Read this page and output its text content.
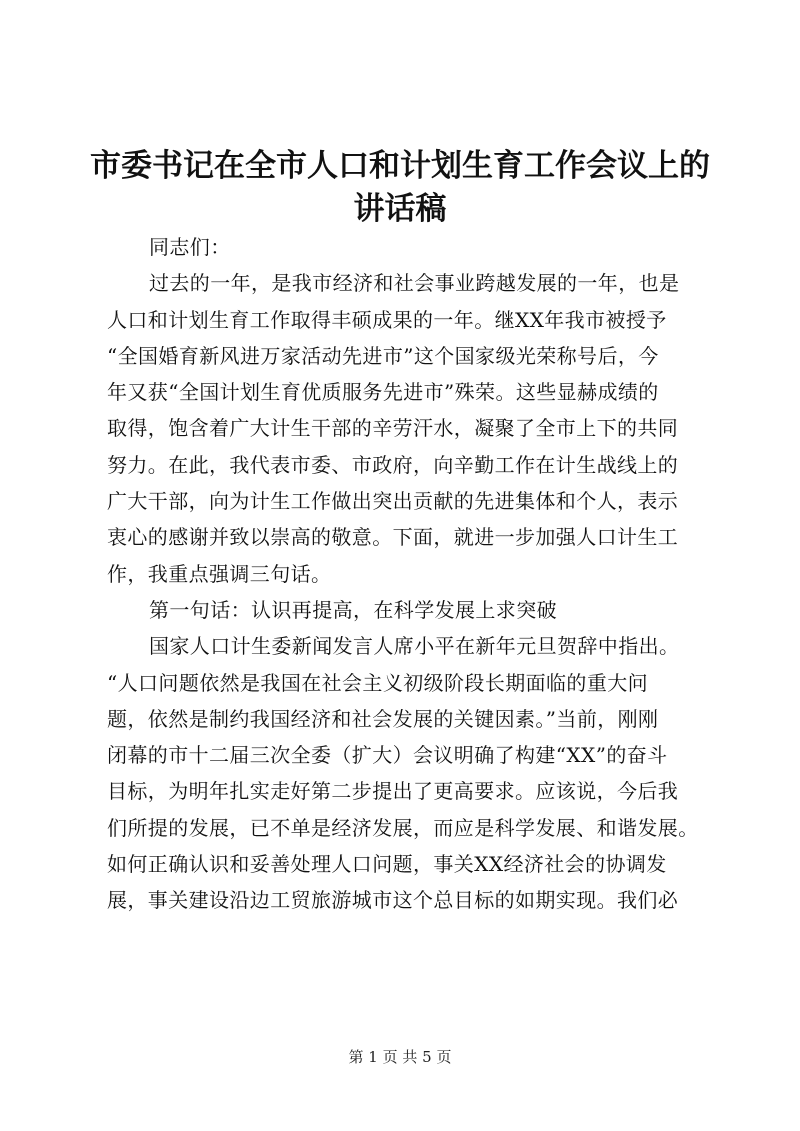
市委书记在全市人口和计划生育工作会议上的
讲话稿
同志们：
过去的一年，是我市经济和社会事业跨越发展的一年，也是
人口和计划生育工作取得丰硕成果的一年。继XX年我市被授予
“全国婚育新风进万家活动先进市”这个国家级光荣称号后，今
年又获“全国计划生育优质服务先进市”殊荣。这些显赫成绩的
取得，饱含着广大计生干部的辛劳汗水，凝聚了全市上下的共同
努力。在此，我代表市委、市政府，向辛勤工作在计生战线上的
广大干部，向为计生工作做出突出贡献的先进集体和个人，表示
衷心的感谢并致以崇高的敬意。下面，就进一步加强人口计生工
作，我重点强调三句话。
第一句话：认识再提高，在科学发展上求突破
国家人口计生委新闻发言人席小平在新年元旦贺辞中指出。
“人口问题依然是我国在社会主义初级阶段长期面临的重大问
题，依然是制约我国经济和社会发展的关键因素。”当前，刚刚
闭幕的市十二届三次全委（扩大）会议明确了构建“XX”的奋斗
目标，为明年扎实走好第二步提出了更高要求。应该说，今后我
们所提的发展，已不单是经济发展，而应是科学发展、和谐发展。
如何正确认识和妥善处理人口问题，事关XX经济社会的协调发
展，事关建设沿边工贸旅游城市这个总目标的如期实现。我们必
第 1 页 共 5 页
